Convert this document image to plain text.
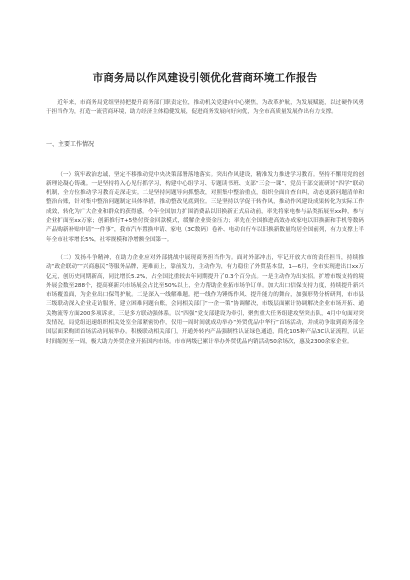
市商务局以作风建设引领优化营商环境工作报告

近年来，市商务局党组坚持把提升商务部门职责定位，推动机关党建向中心聚焦，为改革护航，为发展赋能，以过硬作风勇于担当作为，打造一流营商环境，助力经济主体稳健发展，促进商务发展向好向优，为全市高质量发展作出有力支撑。

一、主要工作情况

（一）筑牢政治忠诚，坚定不移推动党中央决策部署落地落实。突出作风建设，精准发力推进学习教育。坚持不懈用党的创新理论凝心铸魂。一是坚持将入心见行抓学习，构建中心组学习、专题读书班、支部“三会一课”、党员干部交流研讨“四学”联动机制，全方位推动学习教育走深走实。二是坚持问题导向抓整改，对照集中整治重点，组织全面自查自纠，动态更新问题清单和整治台账，针对集中整治问题制定具体举措，推动整改见底到位。三是坚持以学促干转作风，推动作风建设成果转化为实际工作成效，转化为广大企业和群众的获得感。今年全国加力扩围消费品以旧换新正式启动前，率先将家电参与品类拓展至xx种，参与企业扩面至xx万家；创新推行T+5垫付资金回款模式，缓解企业资金压力；率先在全国推进高效办成家电以旧换新和手机等数码产品购新补贴申请“一件事”，我市汽车置换申请、家电（3C数码）卷补、电动自行车以旧换新数量均居全国前列，有力支撑上半年全市社零增长5%，社零规模和净增额全国第一。

（二）发扬斗争精神，在助力企业应对外部挑战中展现商务担当作为。面对外部冲击，牢记开放大市的责任担当，持续推动“政企联动”“兴商惠民”等服务品牌，迎难而上，靠前发力，主动作为，有力稳住了外贸基本盘，1—6月，全市实现进出口xx万亿元，创历史同期新高，同比增长5.2%，占全国比重较去年同期提升了0.3个百分点。一是主动作为出实招。扩增市级支持的境外展会数至288个，提高赛新兴市场展会占比至50%以上，全力帮助企业拓市场争订单。加大出口信保支持力度，持续提升新兴市场覆盖面，为企业出口保驾护航。二是深入一线解难题。把一线作为锤炼作风、提升能力的舞台，加强形势分析研判，市市县三级联动深入企业走访服务，建立困难问题台账，会同相关部门“一企一策”协调解决，市级层面累计协调解决企业市场开拓、通关物流等方面200多项诉求。三是多方联动强体系。以“四强”党支部建设为牵引，聚焦重大任务组建攻坚突击队，4月中旬面对突发情况，局党组迅速组织相关处室全部紧密协作，仅用一周时间就成功举办“外贸优品中华行”首场活动，并成功争取到商务部全国层面采购团首场活动同展举办。积极联动相关部门，开通外转内产品强制性认证绿色通道，简化105种产品3C认证流程，认证时间缩短至一周，极大助力外贸企业开拓国内市场。市市两级已累计举办外贸优品内销活动50余场次，惠及2300余家企业。
